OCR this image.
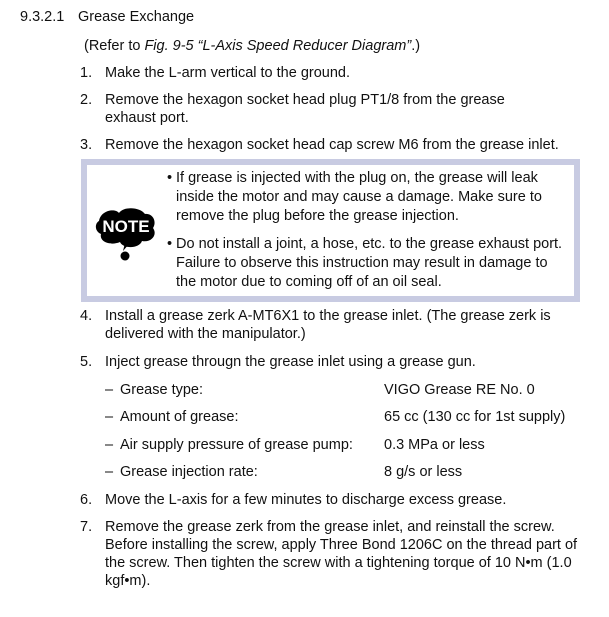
9.3.2.1 Grease Exchange
(Refer to Fig. 9-5 “L-Axis Speed Reducer Diagram”.)
1. Make the L-arm vertical to the ground.
2. Remove the hexagon socket head plug PT1/8 from the grease exhaust port.
3. Remove the hexagon socket head cap screw M6 from the grease inlet.
NOTE
• If grease is injected with the plug on, the grease will leak inside the motor and may cause a damage. Make sure to remove the plug before the grease injection.
• Do not install a joint, a hose, etc. to the grease exhaust port. Failure to observe this instruction may result in damage to the motor due to coming off of an oil seal.
4. Install a grease zerk A-MT6X1 to the grease inlet. (The grease zerk is delivered with the manipulator.)
5. Inject grease througn the grease inlet using a grease gun.
– Grease type:	VIGO Grease RE No. 0
– Amount of grease:	65 cc (130 cc for 1st supply)
– Air supply pressure of grease pump: 0.3 MPa or less
– Grease injection rate:	8 g/s or less
6. Move the L-axis for a few minutes to discharge excess grease.
7. Remove the grease zerk from the grease inlet, and reinstall the screw. Before installing the screw, apply Three Bond 1206C on the thread part of the screw. Then tighten the screw with a tightening torque of 10 N•m (1.0 kgf•m).
